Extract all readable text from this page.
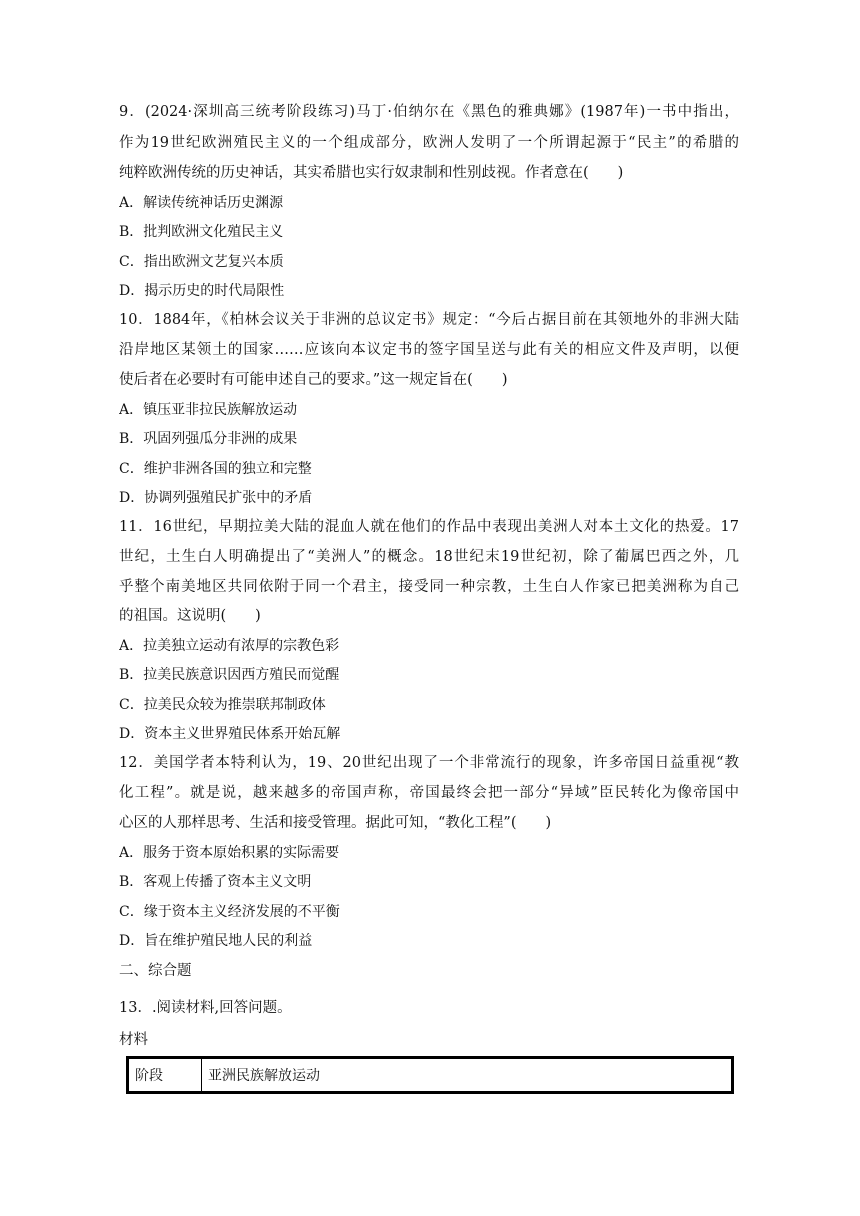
9．(2024·深圳高三统考阶段练习)马丁·伯纳尔在《黑色的雅典娜》(1987年)一书中指出，
作为19世纪欧洲殖民主义的一个组成部分，欧洲人发明了一个所谓起源于“民主”的希腊的
纯粹欧洲传统的历史神话，其实希腊也实行奴隶制和性别歧视。作者意在(　　)
A．解读传统神话历史渊源
B．批判欧洲文化殖民主义
C．指出欧洲文艺复兴本质
D．揭示历史的时代局限性
10．1884年，《柏林会议关于非洲的总议定书》规定：“今后占据目前在其领地外的非洲大陆
沿岸地区某领土的国家……应该向本议定书的签字国呈送与此有关的相应文件及声明，以便
使后者在必要时有可能申述自己的要求。”这一规定旨在(　　)
A．镇压亚非拉民族解放运动
B．巩固列强瓜分非洲的成果
C．维护非洲各国的独立和完整
D．协调列强殖民扩张中的矛盾
11．16世纪，早期拉美大陆的混血人就在他们的作品中表现出美洲人对本土文化的热爱。17
世纪，土生白人明确提出了“美洲人”的概念。18世纪末19世纪初，除了葡属巴西之外，几
乎整个南美地区共同依附于同一个君主，接受同一种宗教，土生白人作家已把美洲称为自己
的祖国。这说明(　　)
A．拉美独立运动有浓厚的宗教色彩
B．拉美民族意识因西方殖民而觉醒
C．拉美民众较为推崇联邦制政体
D．资本主义世界殖民体系开始瓦解
12．美国学者本特利认为，19、20世纪出现了一个非常流行的现象，许多帝国日益重视“教
化工程”。就是说，越来越多的帝国声称，帝国最终会把一部分“异域”臣民转化为像帝国中
心区的人那样思考、生活和接受管理。据此可知，“教化工程”(　　)
A．服务于资本原始积累的实际需要
B．客观上传播了资本主义文明
C．缘于资本主义经济发展的不平衡
D．旨在维护殖民地人民的利益
二、综合题
13．.阅读材料,回答问题。
材料
阶段	亚洲民族解放运动
